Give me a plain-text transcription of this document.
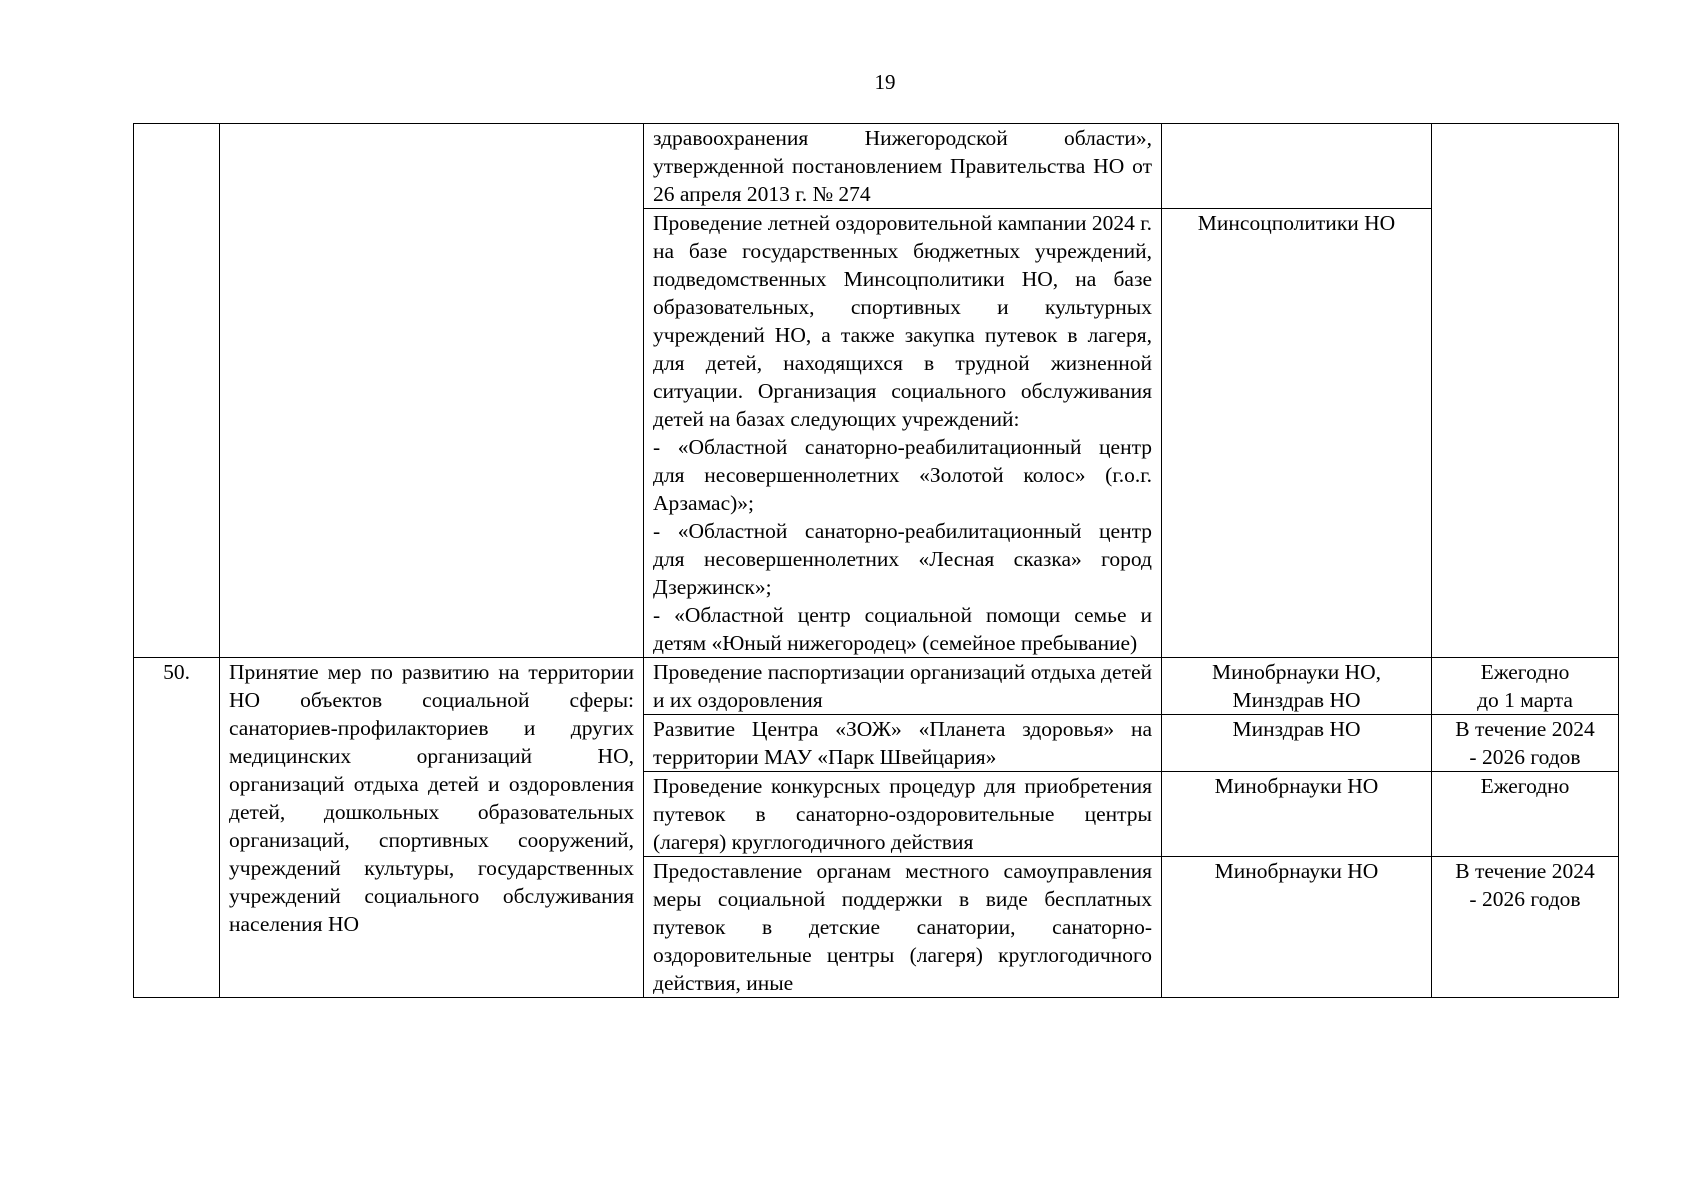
19
		здравоохранения Нижегородской области», утвержденной постановлением Правительства НО от 26 апреля 2013 г. № 274		

		Проведение летней оздоровительной кампании 2024 г. на базе государственных бюджетных учреждений, подведомственных Минсоцполитики НО, на базе образовательных, спортивных и культурных учреждений НО, а также закупка путевок в лагеря, для детей, находящихся в трудной жизненной ситуации. Организация социального обслуживания детей на базах следующих учреждений:
- «Областной санаторно-реабилитационный центр для несовершеннолетних «Золотой колос» (г.о.г. Арзамас)»;
- «Областной санаторно-реабилитационный центр для несовершеннолетних «Лесная сказка» город Дзержинск»;
- «Областной центр социальной помощи семье и детям «Юный нижегородец» (семейное пребывание)	Минсоцполитики НО	
50.	Принятие мер по развитию на территории НО объектов социальной сферы: санаториев-профилакториев и других медицинских организаций НО, организаций отдыха детей и оздоровления детей, дошкольных образовательных организаций, спортивных сооружений, учреждений культуры, государственных учреждений социального обслуживания населения НО	Проведение паспортизации организаций отдыха детей и их оздоровления	Минобрнауки НО,
Минздрав НО	Ежегодно
до 1 марта

		Развитие Центра «ЗОЖ» «Планета здоровья» на территории МАУ «Парк Швейцария»	Минздрав НО	В течение 2024
- 2026 годов

		Проведение конкурсных процедур для приобретения путевок в санаторно-оздоровительные центры (лагеря) круглогодичного действия	Минобрнауки НО	Ежегодно
		Предоставление органам местного самоуправления меры социальной поддержки в виде бесплатных путевок в детские санатории, санаторно-оздоровительные центры (лагеря) круглогодичного действия, иные	Минобрнауки НО	В течение 2024
- 2026 годов
